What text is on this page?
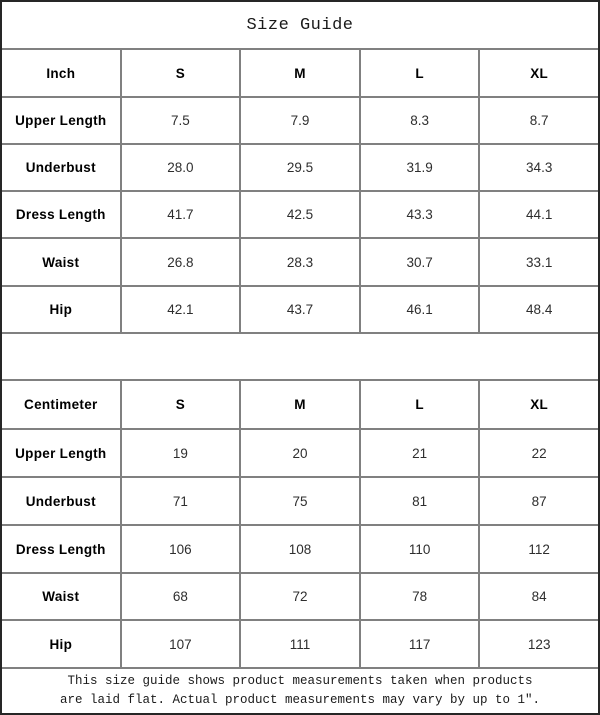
Size Guide
Inch	S	M	L	XL
Upper Length	7.5	7.9	8.3	8.7
Underbust	28.0	29.5	31.9	34.3
Dress Length	41.7	42.5	43.3	44.1
Waist	26.8	28.3	30.7	33.1
Hip	42.1	43.7	46.1	48.4
Centimeter	S	M	L	XL
Upper Length	19	20	21	22
Underbust	71	75	81	87
Dress Length	106	108	110	112
Waist	68	72	78	84
Hip	107	111	117	123
This size guide shows product measurements taken when products
are laid flat. Actual product measurements may vary by up to 1″.
